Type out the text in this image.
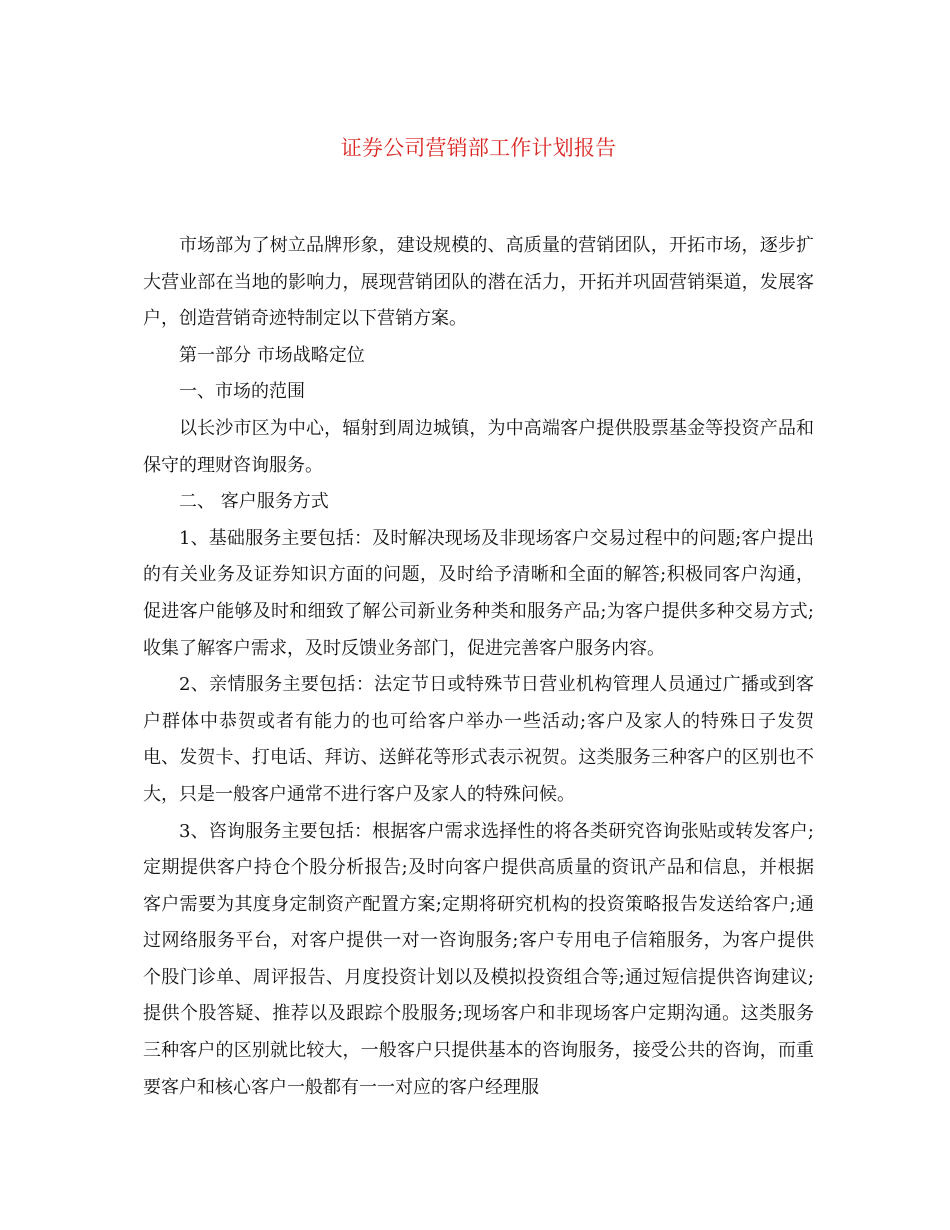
证券公司营销部工作计划报告

市场部为了树立品牌形象，建设规模的、高质量的营销团队，开拓市场，逐步扩大营业部在当地的影响力，展现营销团队的潜在活力，开拓并巩固营销渠道，发展客户，创造营销奇迹特制定以下营销方案。

第一部分 市场战略定位

一、市场的范围

以长沙市区为中心，辐射到周边城镇，为中高端客户提供股票基金等投资产品和保守的理财咨询服务。

二、 客户服务方式

1、基础服务主要包括：及时解决现场及非现场客户交易过程中的问题;客户提出的有关业务及证券知识方面的问题，及时给予清晰和全面的解答;积极同客户沟通，促进客户能够及时和细致了解公司新业务种类和服务产品;为客户提供多种交易方式;收集了解客户需求，及时反馈业务部门，促进完善客户服务内容。

2、亲情服务主要包括：法定节日或特殊节日营业机构管理人员通过广播或到客户群体中恭贺或者有能力的也可给客户举办一些活动;客户及家人的特殊日子发贺电、发贺卡、打电话、拜访、送鲜花等形式表示祝贺。这类服务三种客户的区别也不大，只是一般客户通常不进行客户及家人的特殊问候。

3、咨询服务主要包括：根据客户需求选择性的将各类研究咨询张贴或转发客户;定期提供客户持仓个股分析报告;及时向客户提供高质量的资讯产品和信息，并根据客户需要为其度身定制资产配置方案;定期将研究机构的投资策略报告发送给客户;通过网络服务平台，对客户提供一对一咨询服务;客户专用电子信箱服务，为客户提供个股门诊单、周评报告、月度投资计划以及模拟投资组合等;通过短信提供咨询建议;提供个股答疑、推荐以及跟踪个股服务;现场客户和非现场客户定期沟通。这类服务三种客户的区别就比较大，一般客户只提供基本的咨询服务，接受公共的咨询，而重要客户和核心客户一般都有一一对应的客户经理服
